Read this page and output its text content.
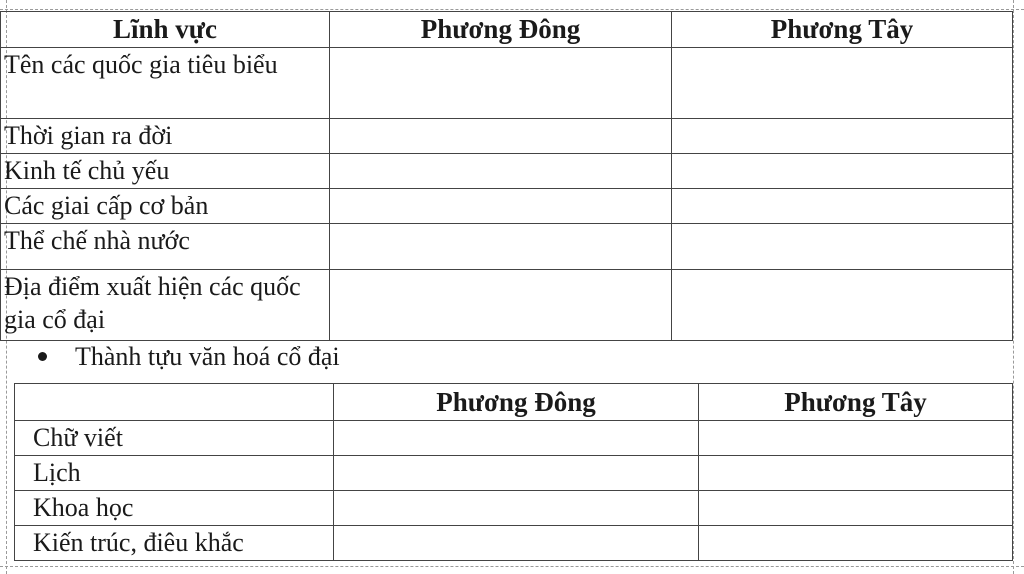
Lĩnh vực	Phương Đông	Phương Tây
Tên các quốc gia tiêu biểu		
Thời gian ra đời		
Kinh tế chủ yếu		
Các giai cấp cơ bản		
Thể chế nhà nước		
Địa điểm xuất hiện các quốc gia cổ đại		
Thành tựu văn hoá cổ đại
	Phương Đông	Phương Tây
Chữ viết		
Lịch		
Khoa học		
Kiến trúc, điêu khắc		
